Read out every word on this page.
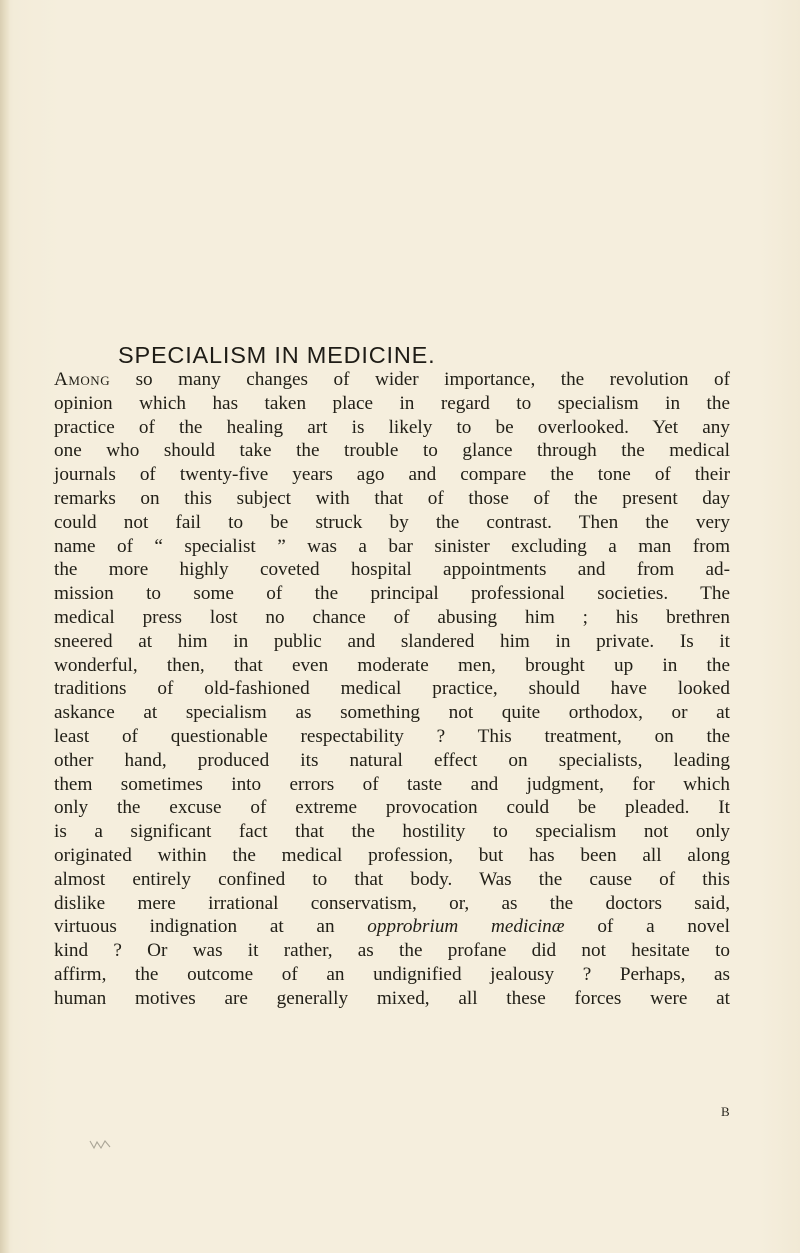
SPECIALISM IN MEDICINE.
Among so many changes of wider importance, the revolution of
opinion which has taken place in regard to specialism in the
practice of the healing art is likely to be overlooked. Yet any
one who should take the trouble to glance through the medical
journals of twenty-five years ago and compare the tone of their
remarks on this subject with that of those of the present day
could not fail to be struck by the contrast. Then the very
name of “ specialist ” was a bar sinister excluding a man from
the more highly coveted hospital appointments and from ad-
mission to some of the principal professional societies. The
medical press lost no chance of abusing him ; his brethren
sneered at him in public and slandered him in private. Is it
wonderful, then, that even moderate men, brought up in the
traditions of old-fashioned medical practice, should have looked
askance at specialism as something not quite orthodox, or at
least of questionable respectability ? This treatment, on the
other hand, produced its natural effect on specialists, leading
them sometimes into errors of taste and judgment, for which
only the excuse of extreme provocation could be pleaded. It
is a significant fact that the hostility to specialism not only
originated within the medical profession, but has been all along
almost entirely confined to that body. Was the cause of this
dislike mere irrational conservatism, or, as the doctors said,
virtuous indignation at an opprobrium medicinæ of a novel
kind ? Or was it rather, as the profane did not hesitate to
affirm, the outcome of an undignified jealousy ? Perhaps, as
human motives are generally mixed, all these forces were at
B
